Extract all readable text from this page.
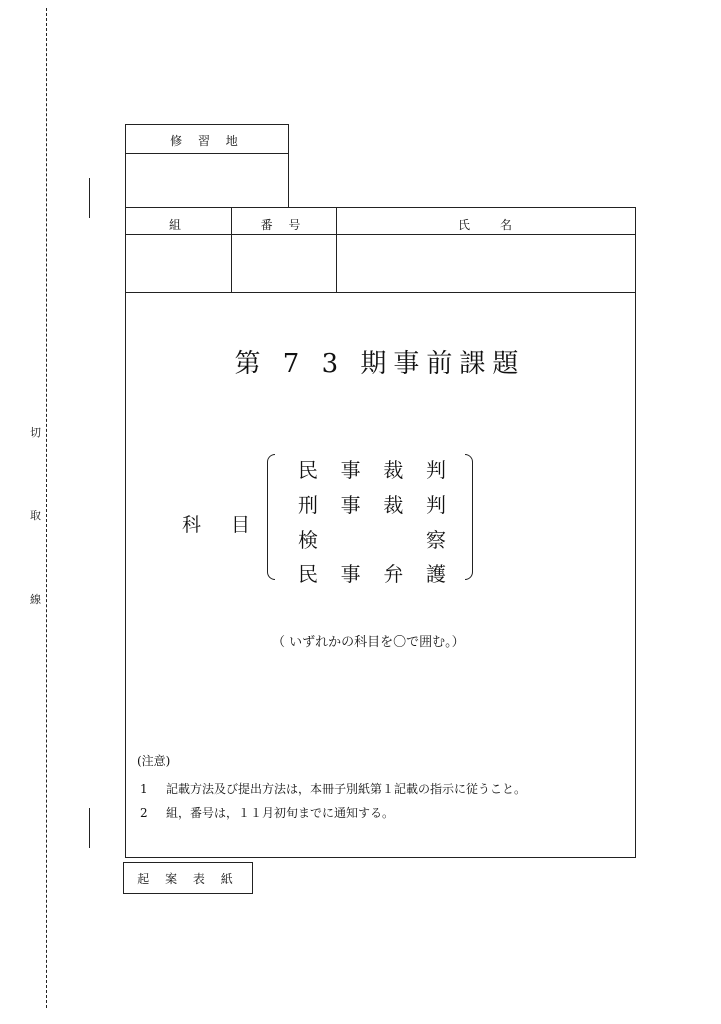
切
取
線
修 習 地
組	番 号	氏　　名
第 7 3 期事前課題
科 目
民 事 裁 判
刑 事 裁 判
検	察
民 事 弁 護
（ いずれかの科目を〇で囲む。）
(注意)
1 記載方法及び提出方法は，本冊子別紙第１記載の指示に従うこと。
2 組，番号は，１１月初旬までに通知する。
起 案 表 紙
